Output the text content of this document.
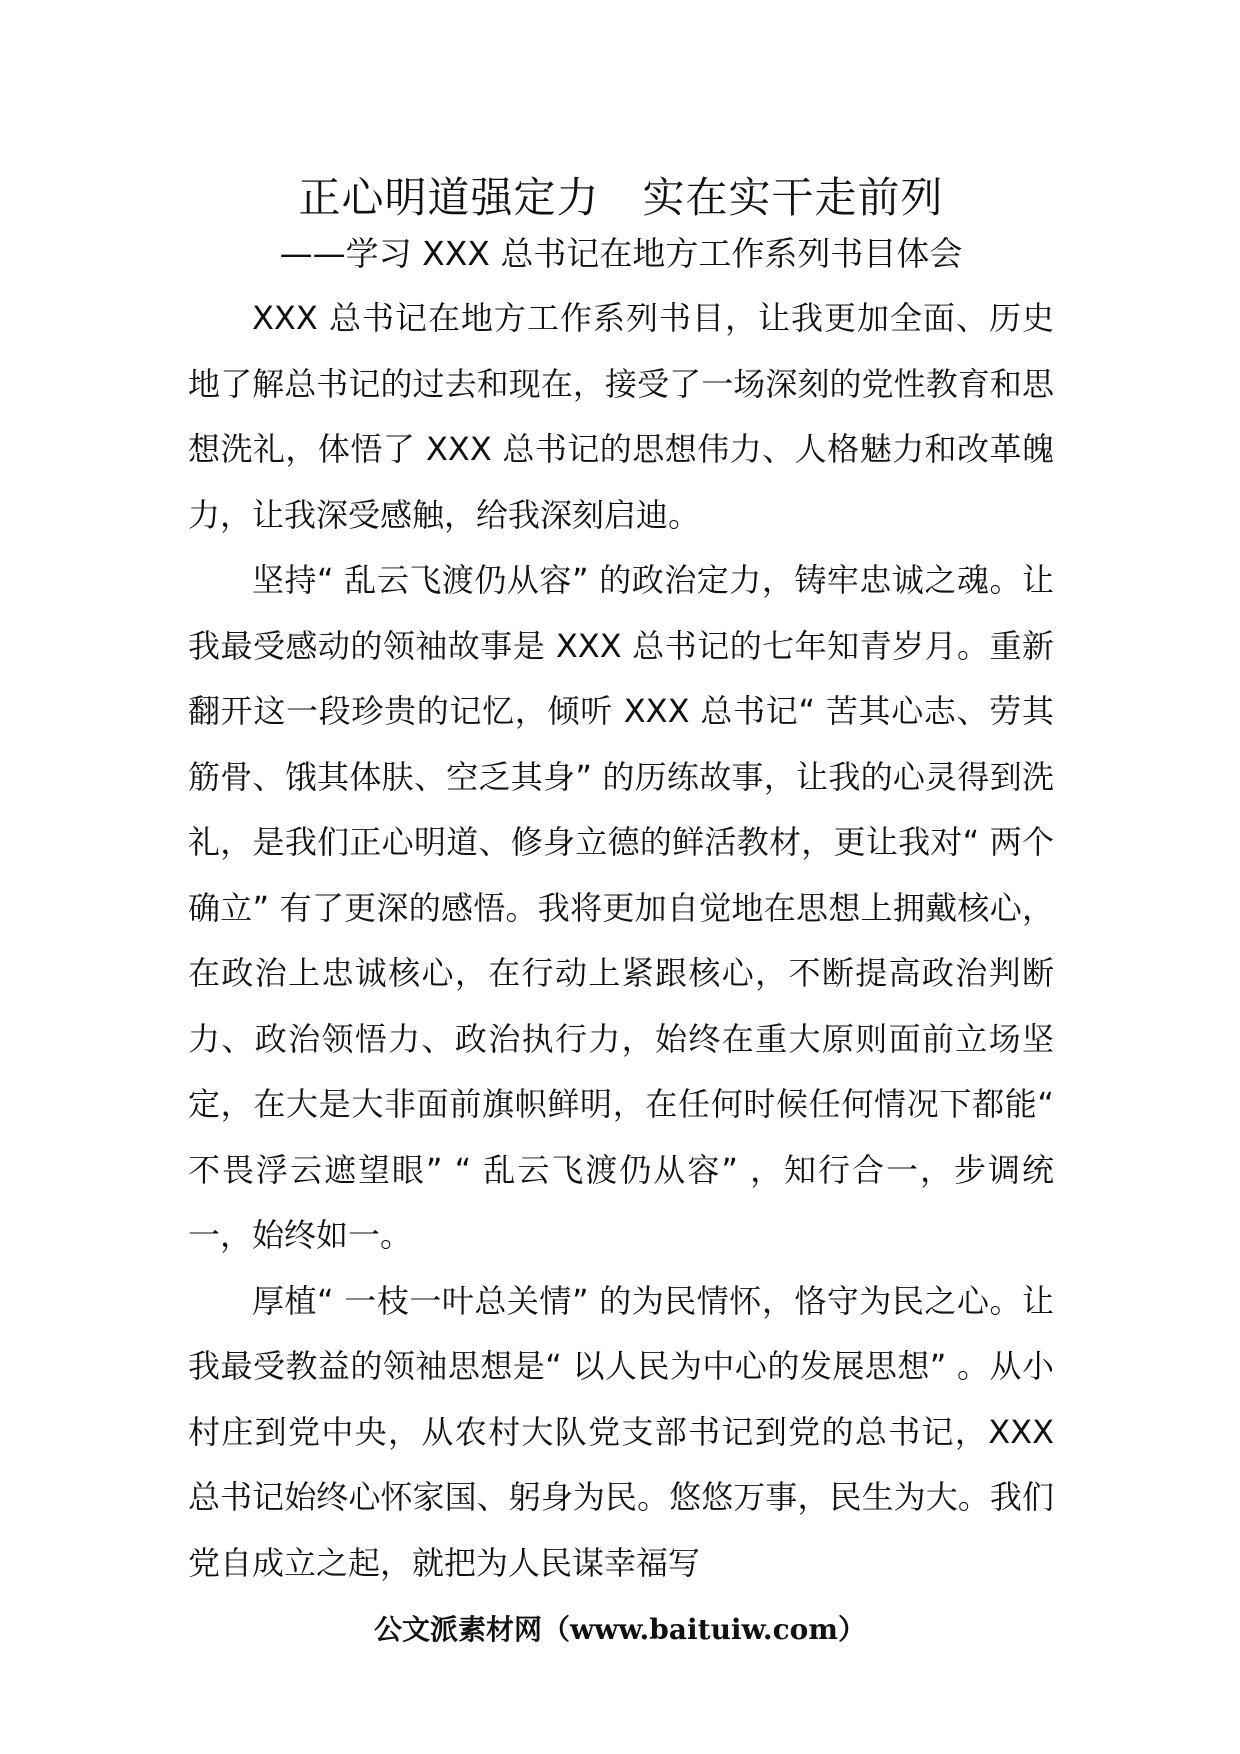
正心明道强定力　实在实干走前列
——学习 XXX 总书记在地方工作系列书目体会

XXX 总书记在地方工作系列书目，让我更加全面、历史地了解总书记的过去和现在，接受了一场深刻的党性教育和思想洗礼，体悟了 XXX 总书记的思想伟力、人格魅力和改革魄力，让我深受感触，给我深刻启迪。

坚持“ 乱云飞渡仍从容” 的政治定力，铸牢忠诚之魂。让我最受感动的领袖故事是 XXX 总书记的七年知青岁月。重新翻开这一段珍贵的记忆，倾听 XXX 总书记“ 苦其心志、劳其筋骨、饿其体肤、空乏其身” 的历练故事，让我的心灵得到洗礼，是我们正心明道、修身立德的鲜活教材，更让我对“ 两个确立” 有了更深的感悟。我将更加自觉地在思想上拥戴核心，在政治上忠诚核心，在行动上紧跟核心，不断提高政治判断力、政治领悟力、政治执行力，始终在重大原则面前立场坚定，在大是大非面前旗帜鲜明，在任何时候任何情况下都能“ 不畏浮云遮望眼” “ 乱云飞渡仍从容” ，知行合一，步调统一，始终如一。

厚植“ 一枝一叶总关情” 的为民情怀，恪守为民之心。让我最受教益的领袖思想是“ 以人民为中心的发展思想” 。从小村庄到党中央，从农村大队党支部书记到党的总书记，XXX 总书记始终心怀家国、躬身为民。悠悠万事，民生为大。我们党自成立之起，就把为人民谋幸福写

公文派素材网（www.baituiw.com）
